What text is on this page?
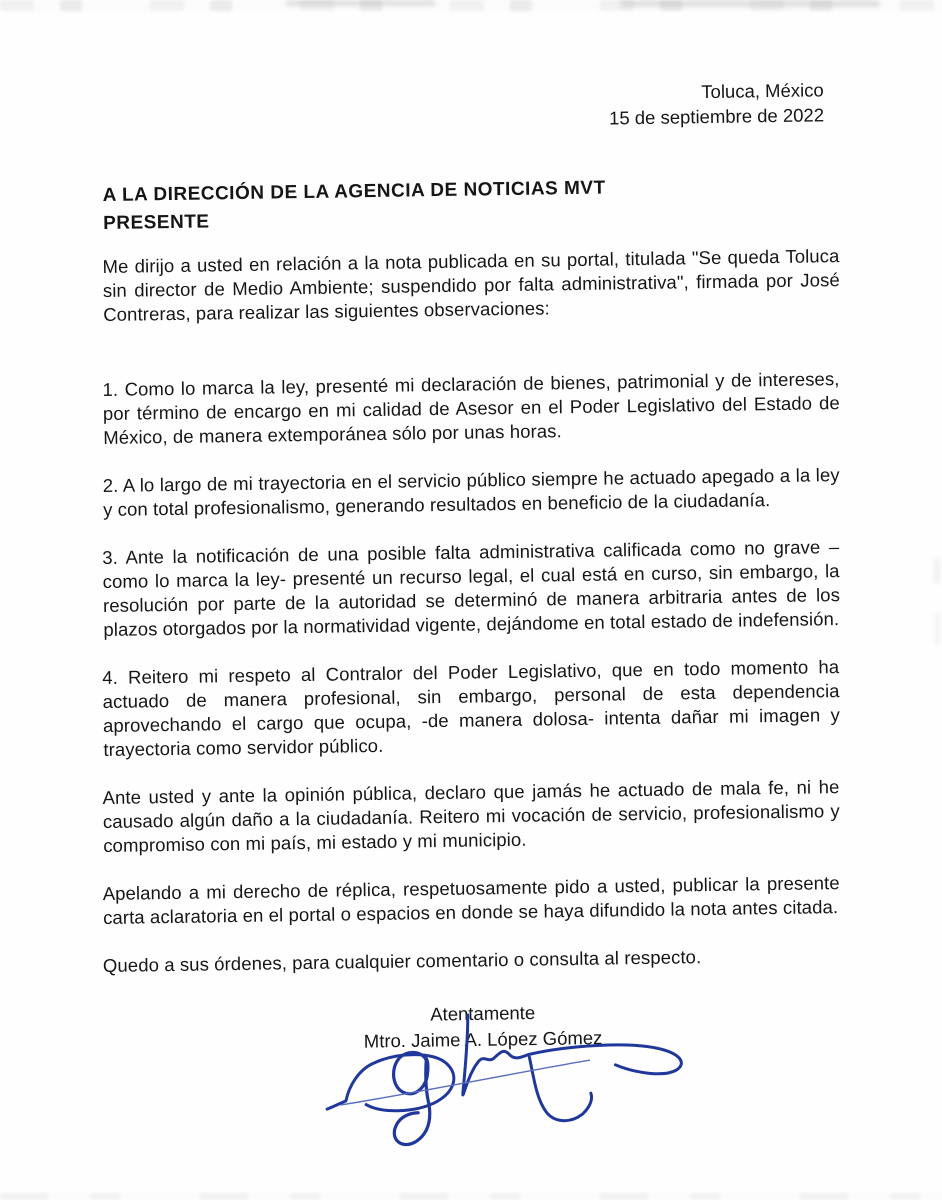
Toluca, México
15 de septiembre de 2022
A LA DIRECCIÓN DE LA AGENCIA DE NOTICIAS MVT
PRESENTE

Me dirijo a usted en relación a la nota publicada en su portal, titulada "Se queda Toluca sin director de Medio Ambiente; suspendido por falta administrativa", firmada por José Contreras, para realizar las siguientes observaciones:

1. Como lo marca la ley, presenté mi declaración de bienes, patrimonial y de intereses, por término de encargo en mi calidad de Asesor en el Poder Legislativo del Estado de México, de manera extemporánea sólo por unas horas.

2. A lo largo de mi trayectoria en el servicio público siempre he actuado apegado a la ley y con total profesionalismo, generando resultados en beneficio de la ciudadanía.

3. Ante la notificación de una posible falta administrativa calificada como no grave –como lo marca la ley- presenté un recurso legal, el cual está en curso, sin embargo, la resolución por parte de la autoridad se determinó de manera arbitraria antes de los plazos otorgados por la normatividad vigente, dejándome en total estado de indefensión.

4. Reitero mi respeto al Contralor del Poder Legislativo, que en todo momento ha actuado de manera profesional, sin embargo, personal de esta dependencia aprovechando el cargo que ocupa, -de manera dolosa- intenta dañar mi imagen y trayectoria como servidor público.

Ante usted y ante la opinión pública, declaro que jamás he actuado de mala fe, ni he causado algún daño a la ciudadanía. Reitero mi vocación de servicio, profesionalismo y compromiso con mi país, mi estado y mi municipio.

Apelando a mi derecho de réplica, respetuosamente pido a usted, publicar la presente carta aclaratoria en el portal o espacios en donde se haya difundido la nota antes citada.

Quedo a sus órdenes, para cualquier comentario o consulta al respecto.

Atentamente
Mtro. Jaime A. López Gómez
